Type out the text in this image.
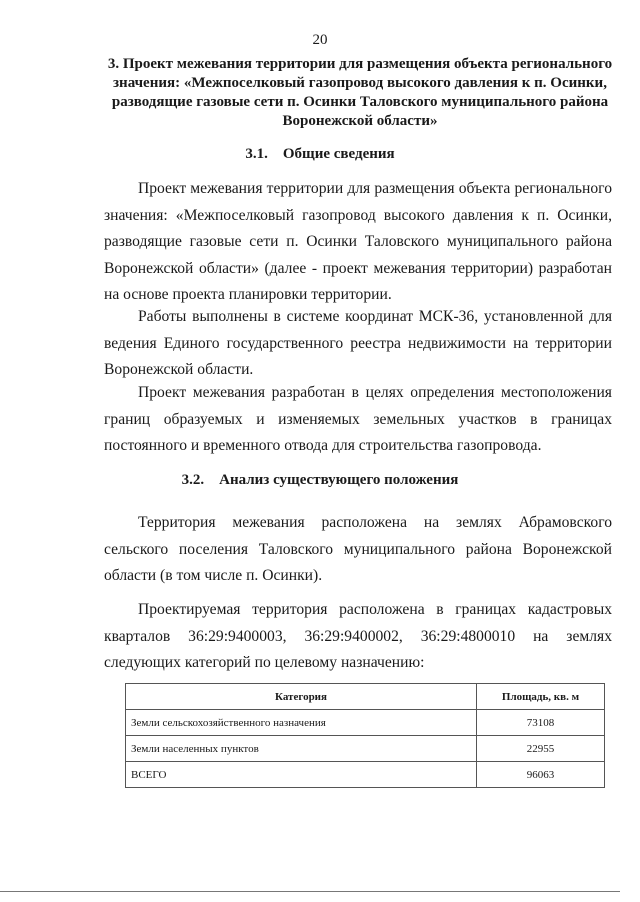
20
3. Проект межевания территории для размещения объекта регионального значения: «Межпоселковый газопровод высокого давления к п. Осинки, разводящие газовые сети п. Осинки Таловского муниципального района Воронежской области»
3.1. Общие сведения

Проект межевания территории для размещения объекта регионального значения: «Межпоселковый газопровод высокого давления к п. Осинки, разводящие газовые сети п. Осинки Таловского муниципального района Воронежской области» (далее - проект межевания территории) разработан на основе проекта планировки территории.

Работы выполнены в системе координат МСК-36, установленной для ведения Единого государственного реестра недвижимости на территории Воронежской области.

Проект межевания разработан в целях определения местоположения границ образуемых и изменяемых земельных участков в границах постоянного и временного отвода для строительства газопровода.

3.2. Анализ существующего положения

Территория межевания расположена на землях Абрамовского сельского поселения Таловского муниципального района Воронежской области (в том числе п. Осинки).

Проектируемая территория расположена в границах кадастровых кварталов 36:29:9400003, 36:29:9400002, 36:29:4800010 на землях следующих категорий по целевому назначению:

Категория	Площадь, кв. м
Земли сельскохозяйственного назначения	73108
Земли населенных пунктов	22955
ВСЕГО	96063
